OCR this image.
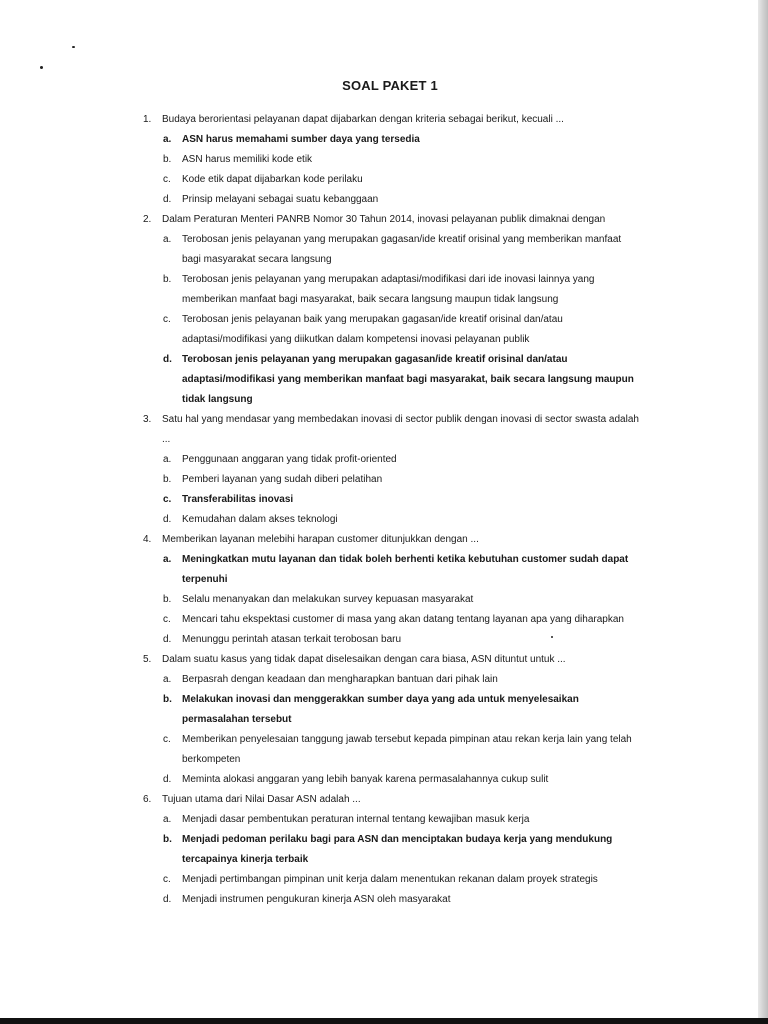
SOAL PAKET 1
1. Budaya berorientasi pelayanan dapat dijabarkan dengan kriteria sebagai berikut, kecuali ...
a. ASN harus memahami sumber daya yang tersedia
b. ASN harus memiliki kode etik
c. Kode etik dapat dijabarkan kode perilaku
d. Prinsip melayani sebagai suatu kebanggaan
2. Dalam Peraturan Menteri PANRB Nomor 30 Tahun 2014, inovasi pelayanan publik dimaknai dengan
a. Terobosan jenis pelayanan yang merupakan gagasan/ide kreatif orisinal yang memberikan manfaat bagi masyarakat secara langsung
b. Terobosan jenis pelayanan yang merupakan adaptasi/modifikasi dari ide inovasi lainnya yang memberikan manfaat bagi masyarakat, baik secara langsung maupun tidak langsung
c. Terobosan jenis pelayanan baik yang merupakan gagasan/ide kreatif orisinal dan/atau adaptasi/modifikasi yang diikutkan dalam kompetensi inovasi pelayanan publik
d. Terobosan jenis pelayanan yang merupakan gagasan/ide kreatif orisinal dan/atau adaptasi/modifikasi yang memberikan manfaat bagi masyarakat, baik secara langsung maupun tidak langsung
3. Satu hal yang mendasar yang membedakan inovasi di sector publik dengan inovasi di sector swasta adalah ...
a. Penggunaan anggaran yang tidak profit-oriented
b. Pemberi layanan yang sudah diberi pelatihan
c. Transferabilitas inovasi
d. Kemudahan dalam akses teknologi
4. Memberikan layanan melebihi harapan customer ditunjukkan dengan ...
a. Meningkatkan mutu layanan dan tidak boleh berhenti ketika kebutuhan customer sudah dapat terpenuhi
b. Selalu menanyakan dan melakukan survey kepuasan masyarakat
c. Mencari tahu ekspektasi customer di masa yang akan datang tentang layanan apa yang diharapkan
d. Menunggu perintah atasan terkait terobosan baru
5. Dalam suatu kasus yang tidak dapat diselesaikan dengan cara biasa, ASN dituntut untuk ...
a. Berpasrah dengan keadaan dan mengharapkan bantuan dari pihak lain
b. Melakukan inovasi dan menggerakkan sumber daya yang ada untuk menyelesaikan permasalahan tersebut
c. Memberikan penyelesaian tanggung jawab tersebut kepada pimpinan atau rekan kerja lain yang telah berkompeten
d. Meminta alokasi anggaran yang lebih banyak karena permasalahannya cukup sulit
6. Tujuan utama dari Nilai Dasar ASN adalah ...
a. Menjadi dasar pembentukan peraturan internal tentang kewajiban masuk kerja
b. Menjadi pedoman perilaku bagi para ASN dan menciptakan budaya kerja yang mendukung tercapainya kinerja terbaik
c. Menjadi pertimbangan pimpinan unit kerja dalam menentukan rekanan dalam proyek strategis
d. Menjadi instrumen pengukuran kinerja ASN oleh masyarakat
